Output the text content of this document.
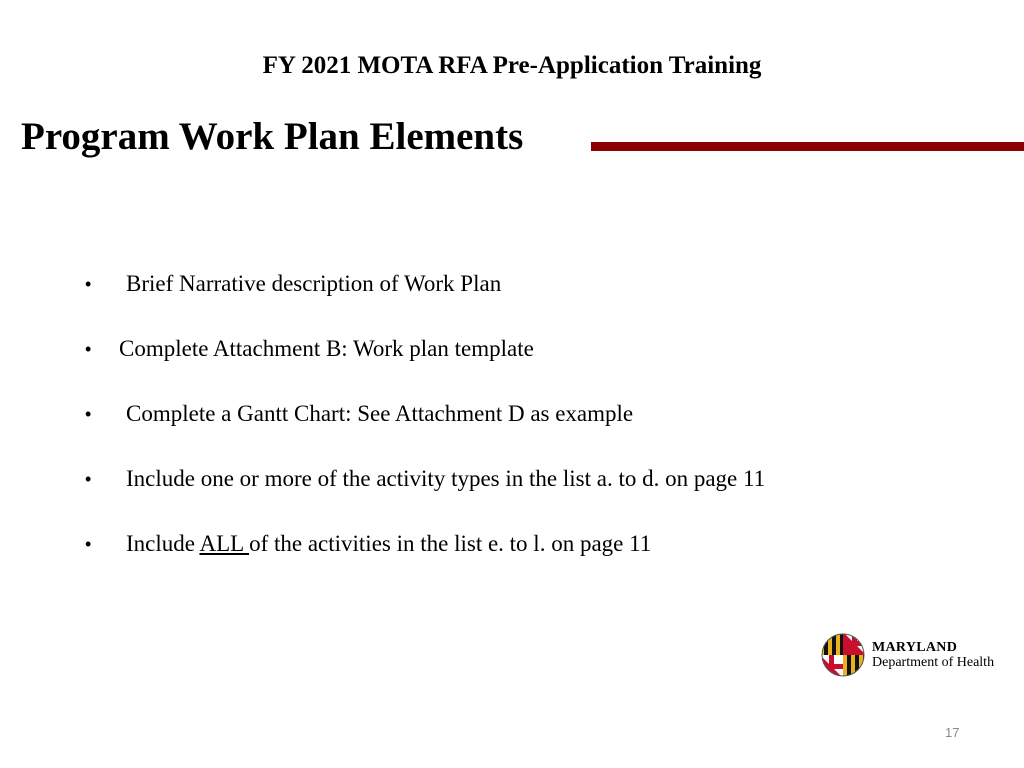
FY 2021 MOTA RFA Pre-Application Training
Program Work Plan Elements
• Brief Narrative description of Work Plan
• Complete Attachment B: Work plan template
• Complete a Gantt Chart: See Attachment D as example
• Include one or more of the activity types in the list a. to d. on page 11
• Include ALL of the activities in the list e. to l. on page 11
MARYLAND
Department of Health
17
